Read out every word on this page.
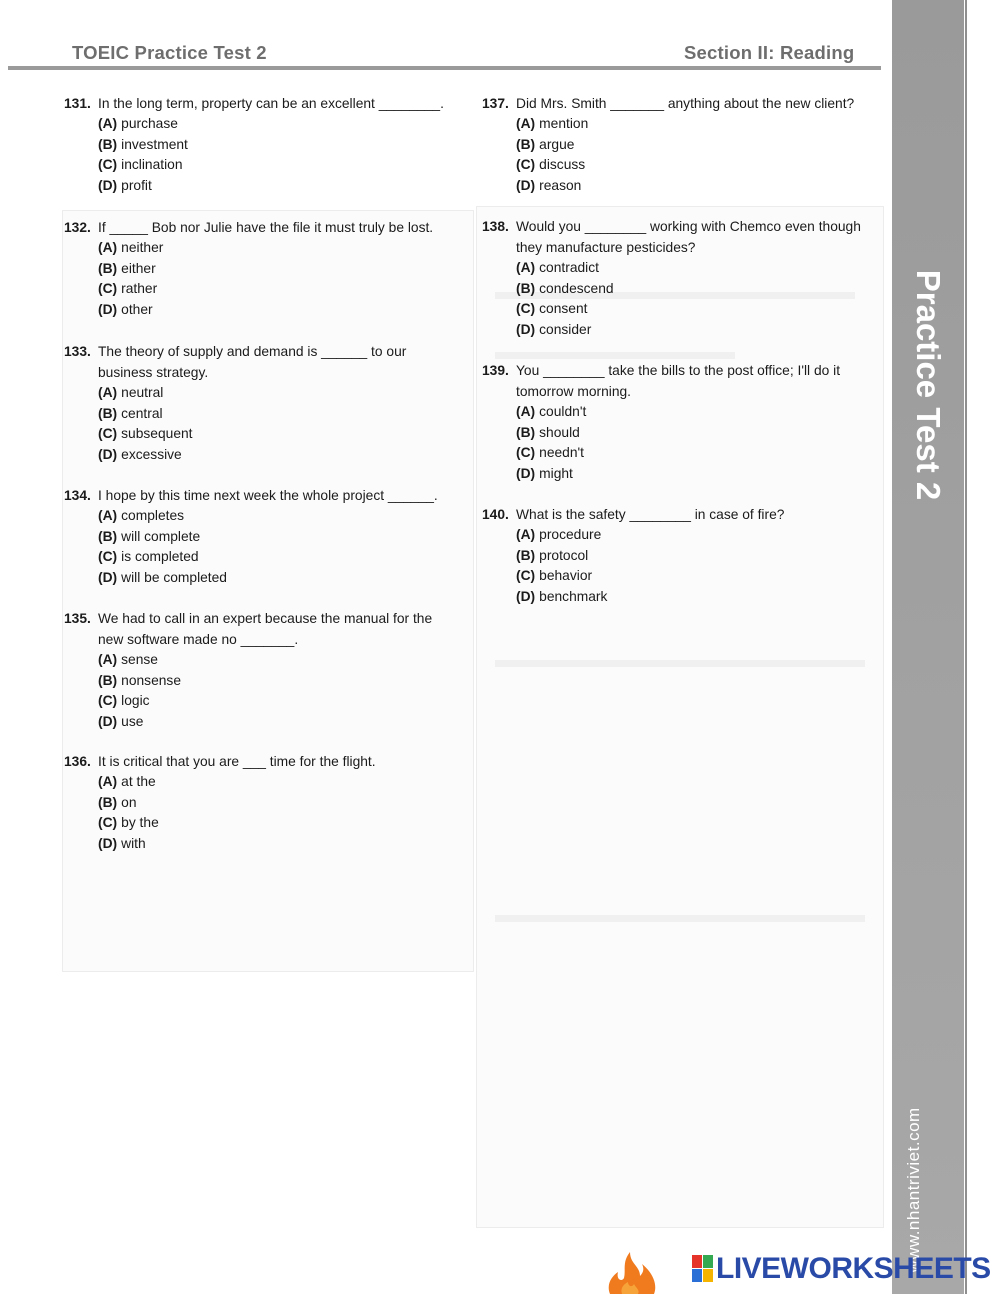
TOEIC Practice Test 2	Section II: Reading
Practice Test 2
www.nhantriviet.com
131. In the long term, property can be an excellent ________.
(A) purchase
(B) investment
(C) inclination
(D) profit
132. If _____ Bob nor Julie have the file it must truly be lost.
(A) neither
(B) either
(C) rather
(D) other
133. The theory of supply and demand is ______ to our
business strategy.
(A) neutral
(B) central
(C) subsequent
(D) excessive
134. I hope by this time next week the whole project ______.
(A) completes
(B) will complete
(C) is completed
(D) will be completed
135. We had to call in an expert because the manual for the
new software made no _______.
(A) sense
(B) nonsense
(C) logic
(D) use
136. It is critical that you are ___ time for the flight.
(A) at the
(B) on
(C) by the
(D) with
137. Did Mrs. Smith _______ anything about the new client?
(A) mention
(B) argue
(C) discuss
(D) reason
138. Would you ________ working with Chemco even though
they manufacture pesticides?
(A) contradict
(B) condescend
(C) consent
(D) consider
139. You ________ take the bills to the post office; I'll do it
tomorrow morning.
(A) couldn't
(B) should
(C) needn't
(D) might
140. What is the safety ________ in case of fire?
(A) procedure
(B) protocol
(C) behavior
(D) benchmark
LIVEWORKSHEETS
